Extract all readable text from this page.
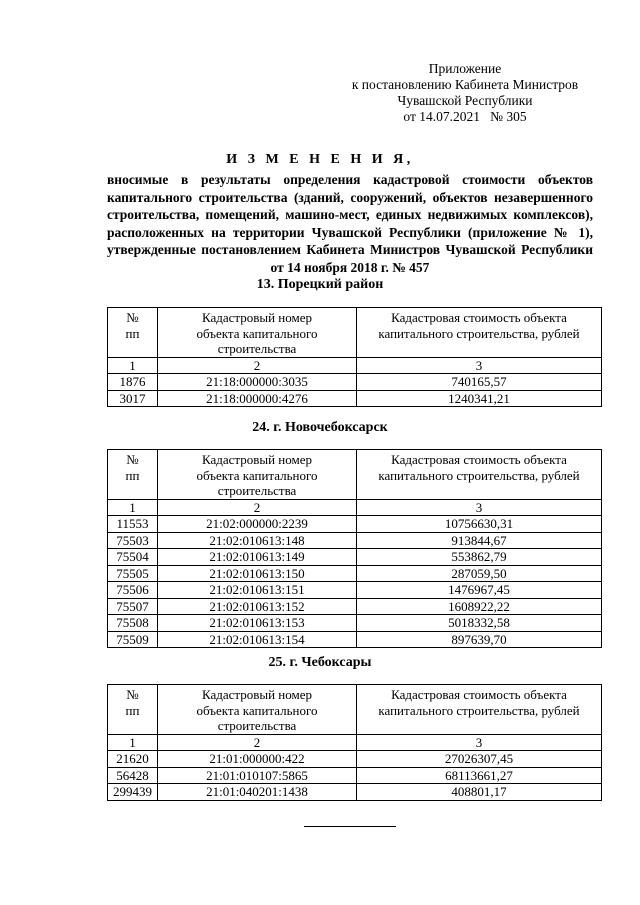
Приложение
к постановлению Кабинета Министров
Чувашской Республики
от 14.07.2021   № 305
И З М Е Н Е Н И Я,
вносимые в результаты определения кадастровой стоимости объектов капитального строительства (зданий, сооружений, объектов незавершенного строительства, помещений, машино-мест, единых недвижимых комплексов), расположенных на территории Чувашской Республики (приложение № 1), утвержденные постановлением Кабинета Министров Чувашской Республики от 14 ноября 2018 г. № 457
13. Порецкий район
№ пп	Кадастровый номер объекта капитального строительства	Кадастровая стоимость объекта капитального строительства, рублей

1	2	3
1876	21:18:000000:3035	740165,57
3017	21:18:000000:4276	1240341,21
24. г. Новочебоксарск
№ пп	Кадастровый номер объекта капитального строительства	Кадастровая стоимость объекта капитального строительства, рублей

1	2	3
11553	21:02:000000:2239	10756630,31
75503	21:02:010613:148	913844,67
75504	21:02:010613:149	553862,79
75505	21:02:010613:150	287059,50
75506	21:02:010613:151	1476967,45
75507	21:02:010613:152	1608922,22
75508	21:02:010613:153	5018332,58
75509	21:02:010613:154	897639,70
25. г. Чебоксары
№ пп	Кадастровый номер объекта капитального строительства	Кадастровая стоимость объекта капитального строительства, рублей

1	2	3
21620	21:01:000000:422	27026307,45
56428	21:01:010107:5865	68113661,27
299439	21:01:040201:1438	408801,17
